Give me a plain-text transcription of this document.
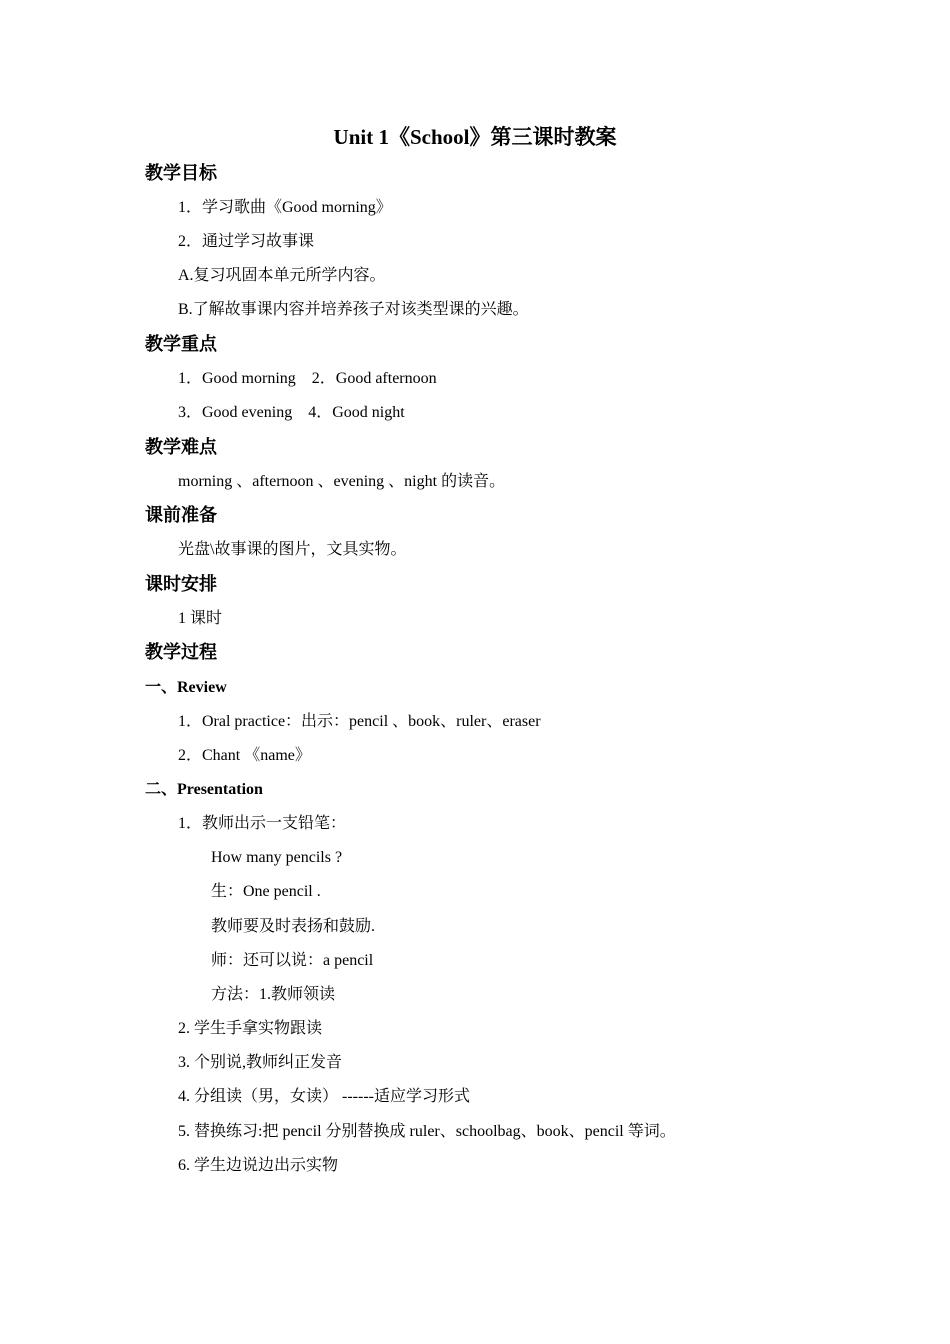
Unit 1《School》第三课时教案
教学目标
1．学习歌曲《Good morning》
2．通过学习故事课
A.复习巩固本单元所学内容。
B.了解故事课内容并培养孩子对该类型课的兴趣。
教学重点
1．Good morning　2．Good afternoon
3．Good evening　4．Good night
教学难点
morning 、afternoon 、evening 、night 的读音。
课前准备
光盘\故事课的图片，文具实物。
课时安排
1 课时
教学过程
一、Review
1．Oral practice：出示：pencil 、book、ruler、eraser
2．Chant 《name》
二、Presentation
1．教师出示一支铅笔：
How many pencils ?
生：One pencil .
教师要及时表扬和鼓励.
师：还可以说：a pencil
方法：1.教师领读
2. 学生手拿实物跟读
3. 个别说,教师纠正发音
4. 分组读（男，女读） ------适应学习形式
5. 替换练习:把 pencil 分别替换成 ruler、schoolbag、book、pencil 等词。
6. 学生边说边出示实物
